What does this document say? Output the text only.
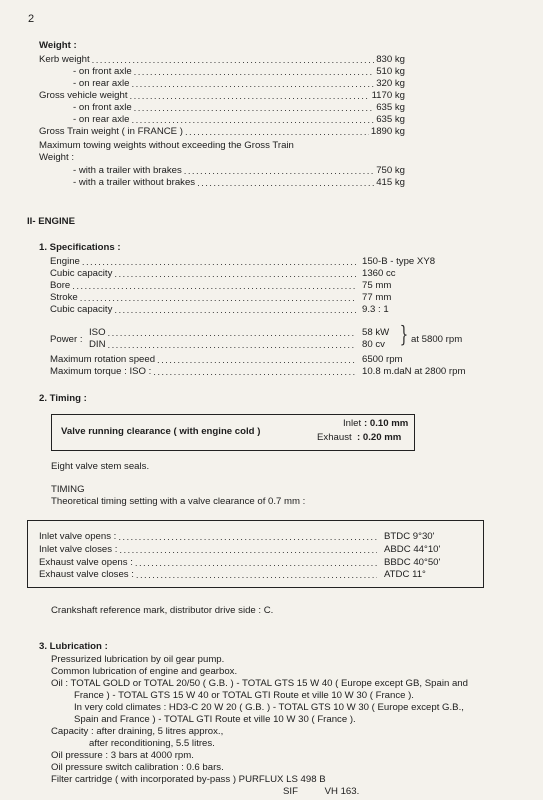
2
Weight :
Kerb weight .....	830 kg
- on front axle .....	510 kg
- on rear axle .....	320 kg
Gross vehicle weight .....	1170 kg
- on front axle .....	635 kg
- on rear axle .....	635 kg
Gross Train weight ( in FRANCE ) .....	1890 kg
Maximum towing weights without exceeding the Gross Train
Weight :
- with a trailer with brakes .....	750 kg
- with a trailer without brakes .....	415 kg
II- ENGINE
1. Specifications :
Engine .....	150-B - type XY8
Cubic capacity .....	1360 cc
Bore .....	75 mm
Stroke .....	77 mm
Cubic capacity .....	9.3 : 1
Power :
ISO .....	58 kW
DIN .....	80 cv } at 5800 rpm
Maximum rotation speed .....	6500 rpm
Maximum torque : ISO : .....	10.8 m.daN at 2800 rpm
2. Timing :
Valve running clearance ( with engine cold )
Inlet : 0.10 mm
Exhaust : 0.20 mm
Eight valve stem seals.
TIMING
Theoretical timing setting with a valve clearance of 0.7 mm :
Inlet valve opens : .....	BTDC 9°30'
Inlet valve closes : .....	ABDC 44°10'
Exhaust valve opens : .....	BBDC 40°50'
Exhaust valve closes : .....	ATDC 11°
Crankshaft reference mark, distributor drive side : C.
3. Lubrication :
Pressurized lubrication by oil gear pump.
Common lubrication of engine and gearbox.
Oil : TOTAL GOLD or TOTAL 20/50 ( G.B. ) - TOTAL GTS 15 W 40 ( Europe except GB, Spain and
France ) - TOTAL GTS 15 W 40 or TOTAL GTI Route et ville 10 W 30 ( France ).
In very cold climates : HD3-C 20 W 20 ( G.B. ) - TOTAL GTS 10 W 30 ( Europe except G.B.,
Spain and France ) - TOTAL GTI Route et ville 10 W 30 ( France ).
Capacity : after draining, 5 litres approx.,
after reconditioning, 5.5 litres.
Oil pressure : 3 bars at 4000 rpm.
Oil pressure switch calibration : 0.6 bars.
Filter cartridge ( with incorporated by-pass ) PURFLUX LS 498 B
SIF          VH 163.
